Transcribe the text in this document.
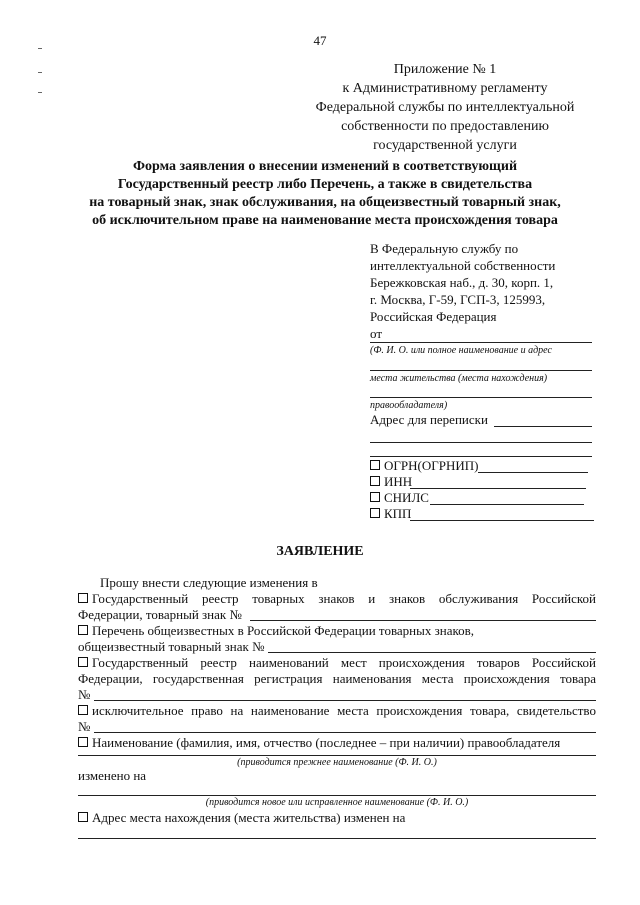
47
Приложение № 1
к Административному регламенту
Федеральной службы по интеллектуальной
собственности по предоставлению
государственной услуги
Форма заявления о внесении изменений в соответствующий
Государственный реестр либо Перечень, а также в свидетельства
на товарный знак, знак обслуживания, на общеизвестный товарный знак,
об исключительном праве на наименование места происхождения товара
В Федеральную службу по
интеллектуальной собственности
Бережковская наб., д. 30, корп. 1,
г. Москва, Г-59, ГСП-3, 125993,
Российская Федерация
от
(Ф. И. О. или полное наименование и адрес
места жительства (места нахождения)
правообладателя)
Адрес для переписки
ОГРН(ОГРНИП)
ИНН
СНИЛС
КПП
ЗАЯВЛЕНИЕ
Прошу внести следующие изменения в
Государственный реестр товарных знаков и знаков обслуживания Российской
Федерации, товарный знак №
Перечень общеизвестных в Российской Федерации товарных знаков,
общеизвестный товарный знак №
Государственный реестр наименований мест происхождения товаров Российской
Федерации, государственная регистрация наименования места происхождения товара
№
исключительное право на наименование места происхождения товара, свидетельство
№
Наименование (фамилия, имя, отчество (последнее – при наличии) правообладателя
(приводится прежнее наименование (Ф. И. О.)
изменено на
(приводится новое или исправленное наименование (Ф. И. О.)
Адрес места нахождения (места жительства) изменен на
